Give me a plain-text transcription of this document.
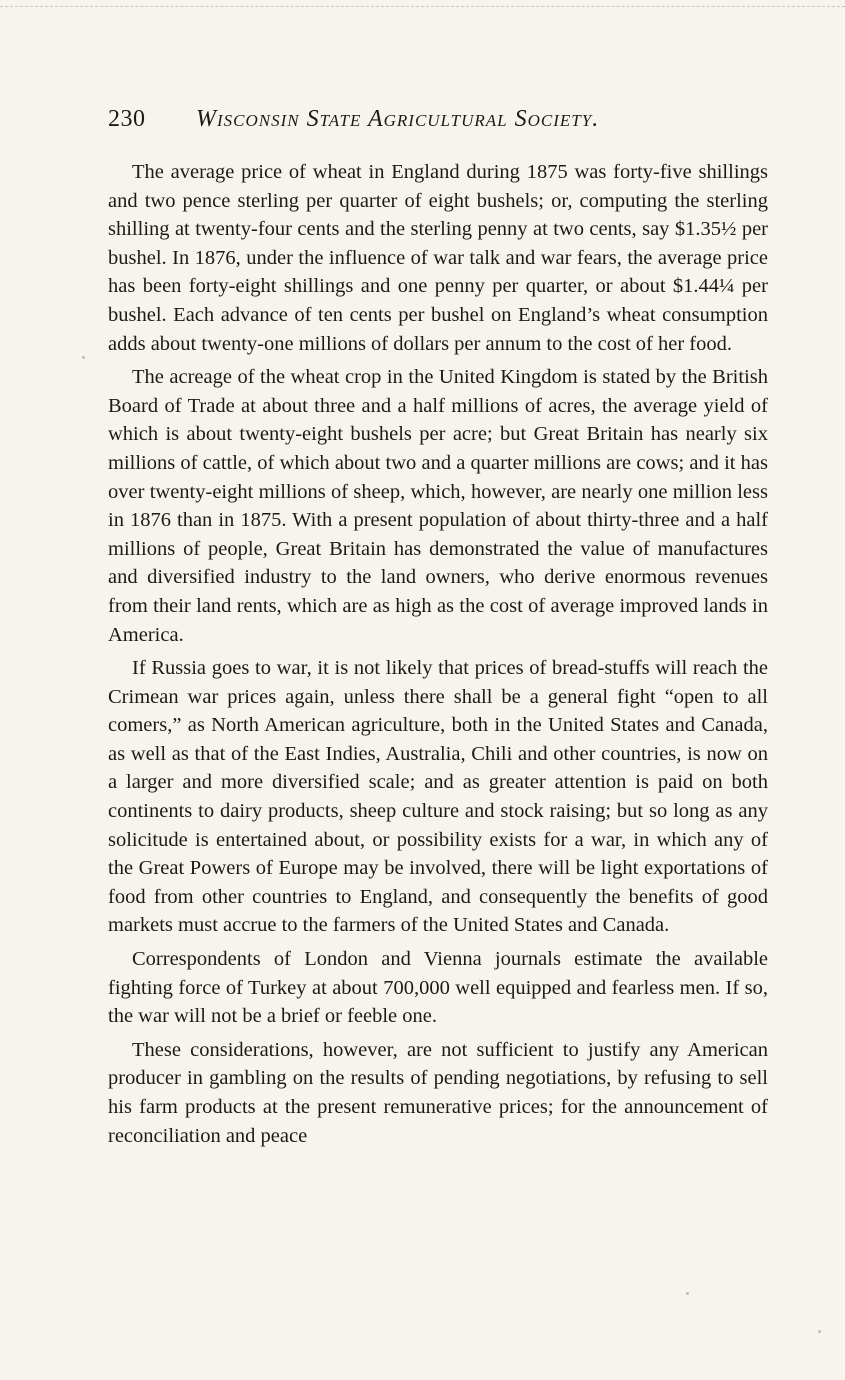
230 Wisconsin State Agricultural Society.

The average price of wheat in England during 1875 was forty-five shillings and two pence sterling per quarter of eight bushels; or, computing the sterling shilling at twenty-four cents and the sterling penny at two cents, say $1.35½ per bushel. In 1876, under the influence of war talk and war fears, the average price has been forty-eight shillings and one penny per quarter, or about $1.44¼ per bushel. Each advance of ten cents per bushel on England’s wheat consumption adds about twenty-one millions of dollars per annum to the cost of her food.

The acreage of the wheat crop in the United Kingdom is stated by the British Board of Trade at about three and a half millions of acres, the average yield of which is about twenty-eight bushels per acre; but Great Britain has nearly six millions of cattle, of which about two and a quarter millions are cows; and it has over twenty-eight millions of sheep, which, however, are nearly one million less in 1876 than in 1875. With a present population of about thirty-three and a half millions of people, Great Britain has demonstrated the value of manufactures and diversified industry to the land owners, who derive enormous revenues from their land rents, which are as high as the cost of average improved lands in America.

If Russia goes to war, it is not likely that prices of bread-stuffs will reach the Crimean war prices again, unless there shall be a general fight “open to all comers,” as North American agriculture, both in the United States and Canada, as well as that of the East Indies, Australia, Chili and other countries, is now on a larger and more diversified scale; and as greater attention is paid on both continents to dairy products, sheep culture and stock raising; but so long as any solicitude is entertained about, or possibility exists for a war, in which any of the Great Powers of Europe may be involved, there will be light exportations of food from other countries to England, and consequently the benefits of good markets must accrue to the farmers of the United States and Canada.

Correspondents of London and Vienna journals estimate the available fighting force of Turkey at about 700,000 well equipped and fearless men. If so, the war will not be a brief or feeble one.

These considerations, however, are not sufficient to justify any American producer in gambling on the results of pending negotiations, by refusing to sell his farm products at the present remunerative prices; for the announcement of reconciliation and peace
